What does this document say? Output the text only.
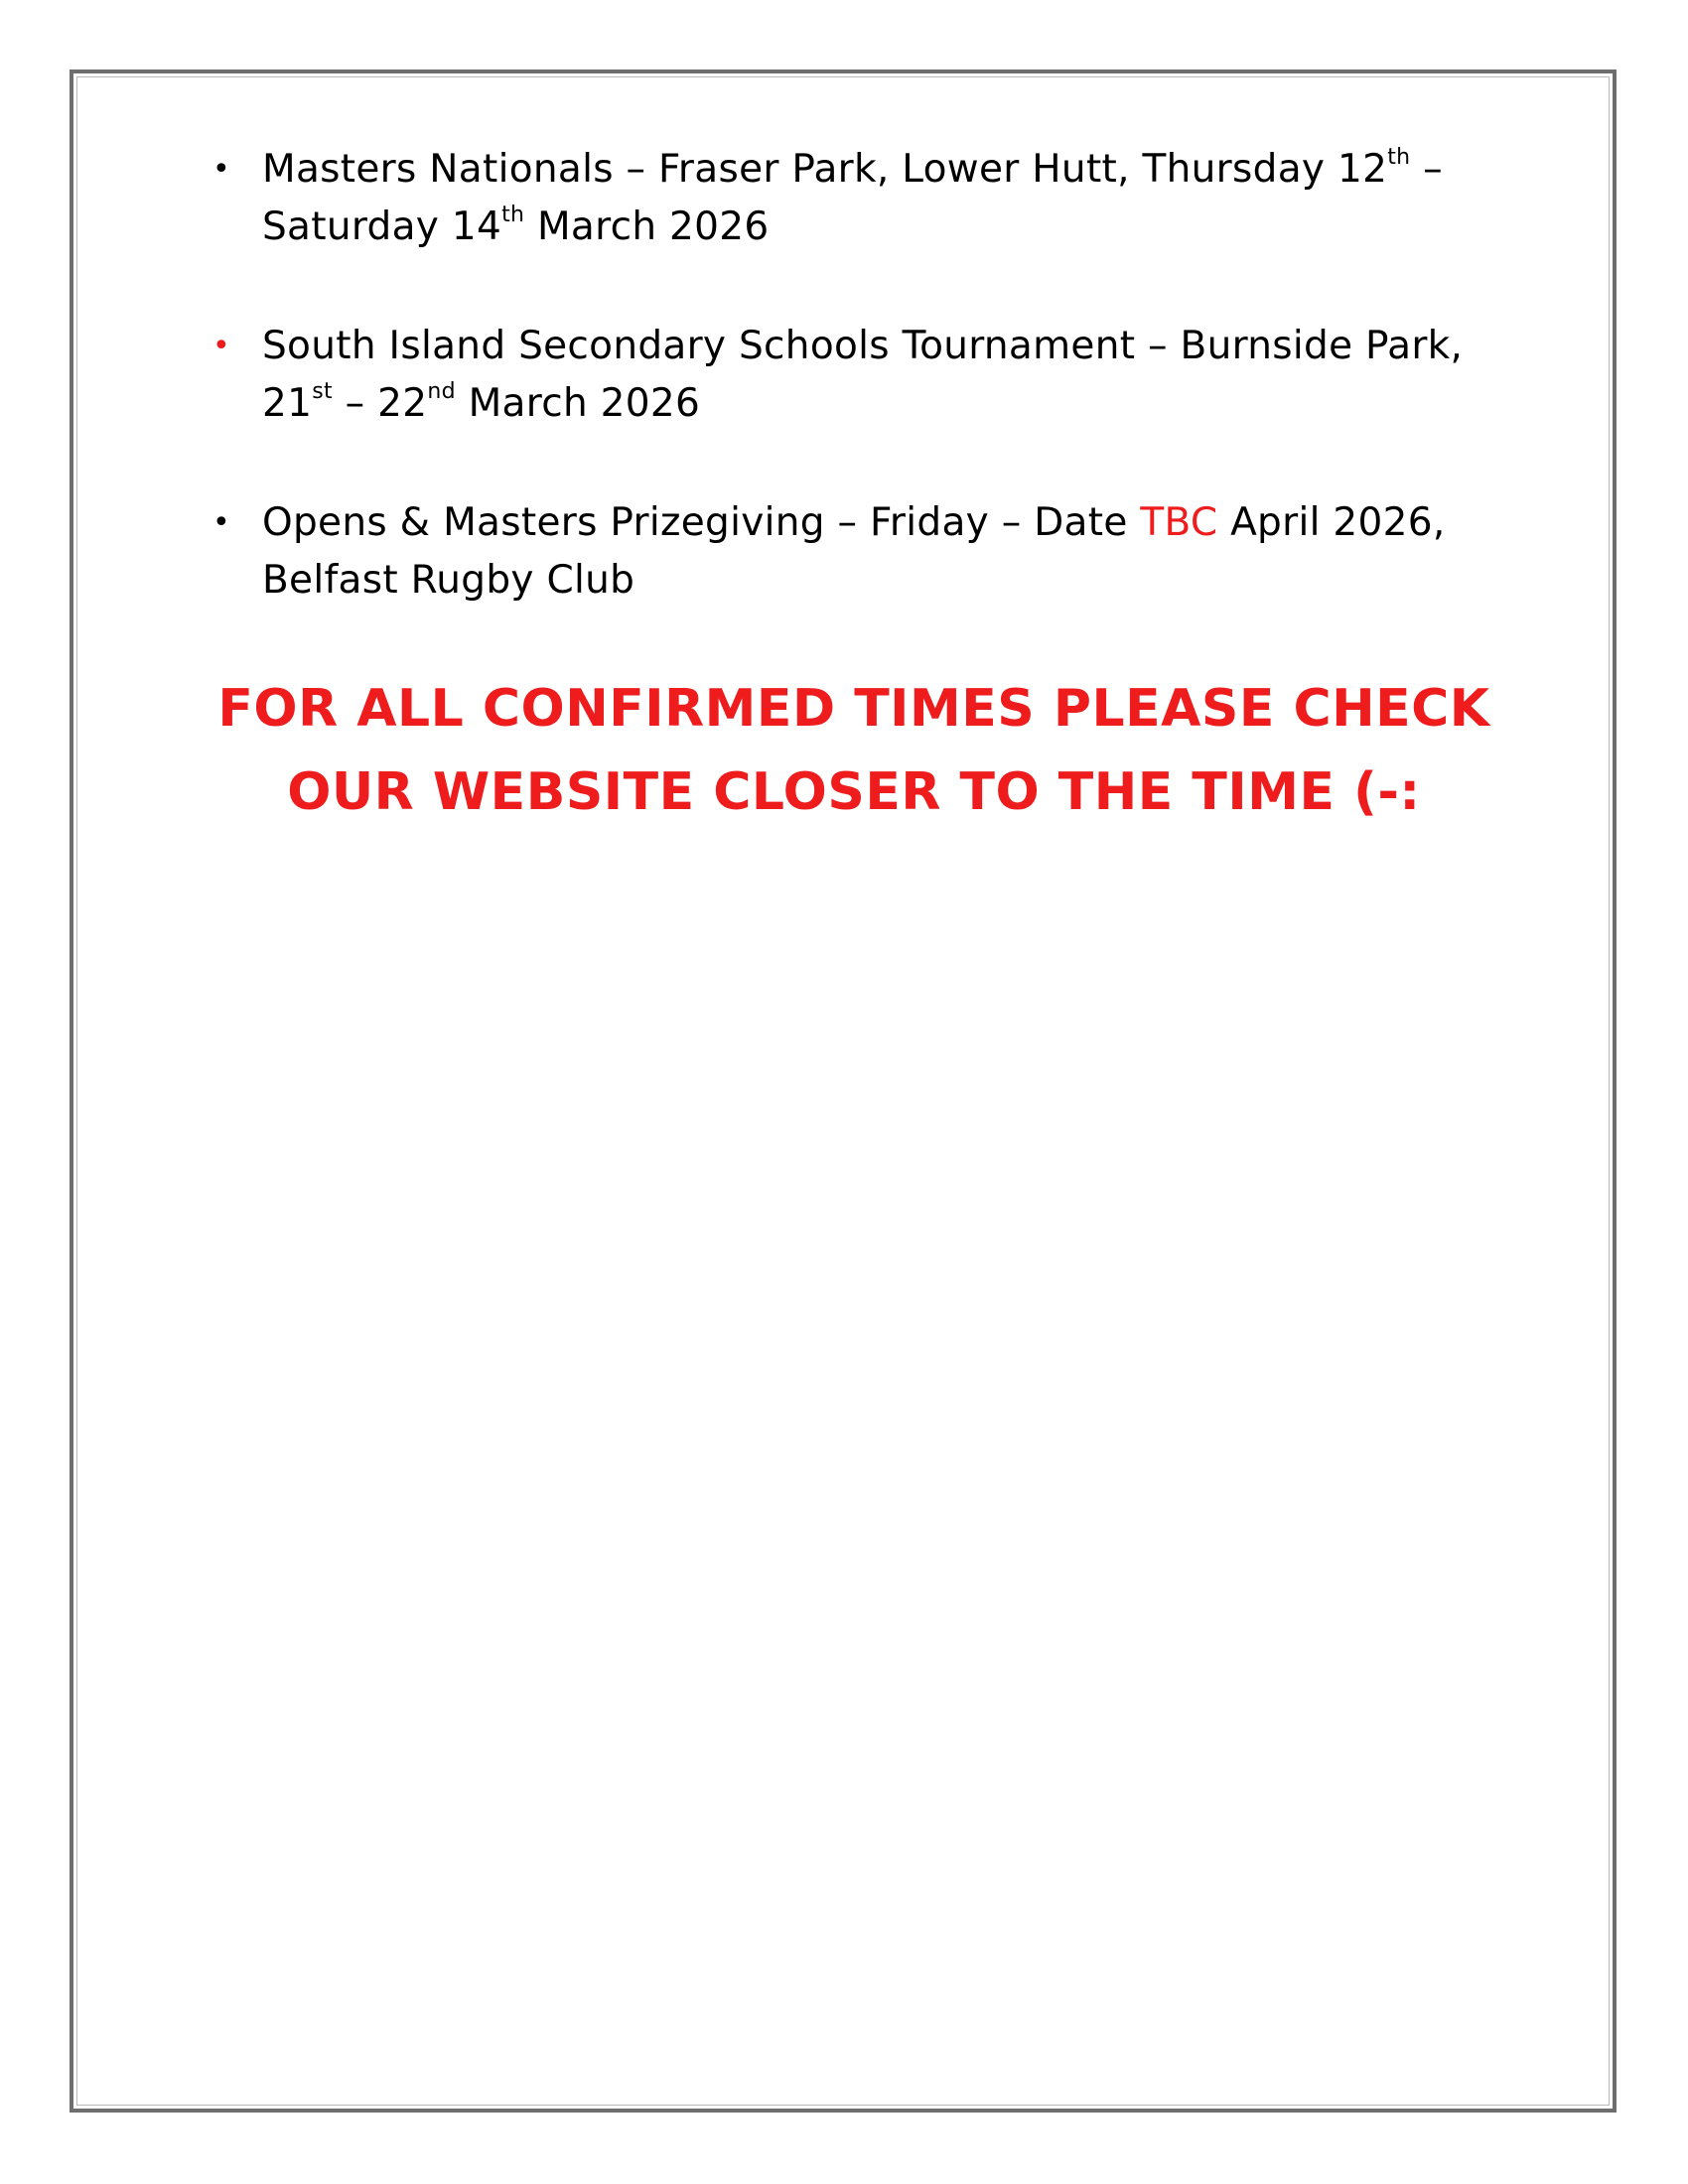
• Masters Nationals – Fraser Park, Lower Hutt, Thursday 12th – Saturday 14th March 2026
• South Island Secondary Schools Tournament – Burnside Park, 21st – 22nd March 2026
• Opens & Masters Prizegiving – Friday – Date TBC April 2026, Belfast Rugby Club
FOR ALL CONFIRMED TIMES PLEASE CHECK
OUR WEBSITE CLOSER TO THE TIME (-:
